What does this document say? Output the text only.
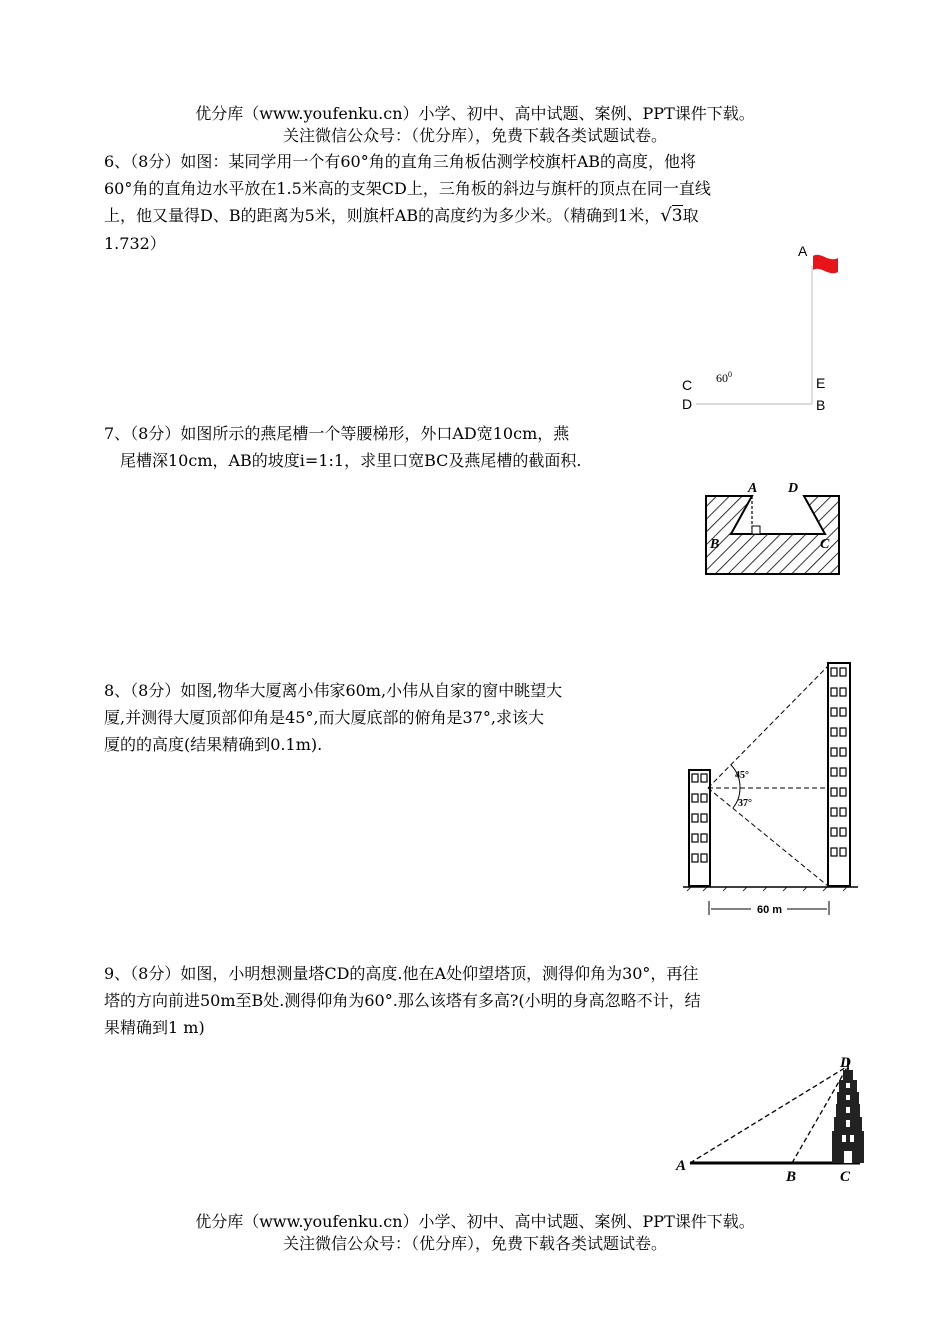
优分库（www.youfenku.cn）小学、初中、高中试题、案例、PPT课件下载。
关注微信公众号：（优分库），免费下载各类试题试卷。

6、（8分）如图：某同学用一个有60°角的直角三角板估测学校旗杆AB的高度，他将

60°角的直角边水平放在1.5米高的支架CD上，三角板的斜边与旗杆的顶点在同一直线

上，他又量得D、B的距离为5米，则旗杆AB的高度约为多少米。（精确到1米，√3取

1.732）	A
C
D
E
B
$60^0$

7、（8分）如图所示的燕尾槽一个等腰梯形，外口AD宽10cm，燕

尾槽深10cm，AB的坡度i=1:1，求里口宽BC及燕尾槽的截面积.

A D
B	C

8、（8分）如图,物华大厦离小伟家60m,小伟从自家的窗中眺望大

厦,并测得大厦顶部仰角是45°,而大厦底部的俯角是37°,求该大

厦的的高度(结果精确到0.1m).

45°
37°
60 m

9、（8分）如图，小明想测量塔CD的高度.他在A处仰望塔顶，测得仰角为30°，再往

塔的方向前进50m至B处.测得仰角为60°.那么该塔有多高?(小明的身高忽略不计，结

果精确到1 m)

A
B	C
D
优分库（www.youfenku.cn）小学、初中、高中试题、案例、PPT课件下载。
关注微信公众号：（优分库），免费下载各类试题试卷。
